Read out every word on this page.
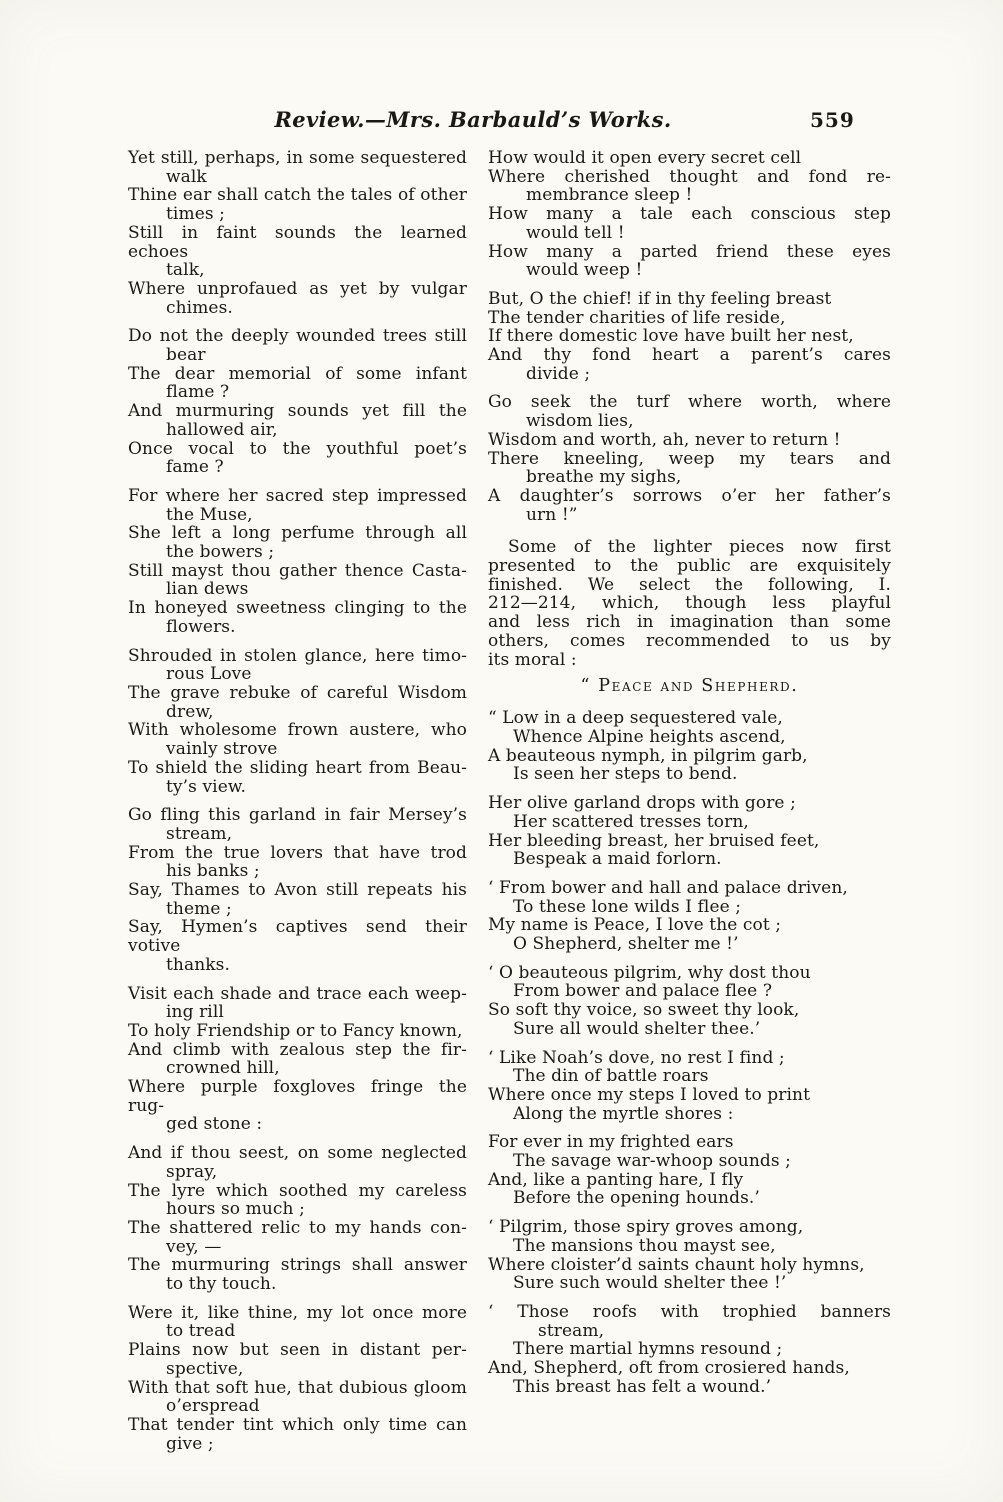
Review.—Mrs. Barbauld’s Works.	559
Yet still, perhaps, in some sequestered
walk
Thine ear shall catch the tales of other
times ;
Still in faint sounds the learned echoes
talk,
Where unprofaued as yet by vulgar
chimes.
Do not the deeply wounded trees still
bear
The dear memorial of some infant
flame ?
And murmuring sounds yet fill the
hallowed air,
Once vocal to the youthful poet’s
fame ?
For where her sacred step impressed
the Muse,
She left a long perfume through all
the bowers ;
Still mayst thou gather thence Casta-
lian dews
In honeyed sweetness clinging to the
flowers.
Shrouded in stolen glance, here timo-
rous Love
The grave rebuke of careful Wisdom
drew,
With wholesome frown austere, who
vainly strove
To shield the sliding heart from Beau-
ty’s view.
Go fling this garland in fair Mersey’s
stream,
From the true lovers that have trod
his banks ;
Say, Thames to Avon still repeats his
theme ;
Say, Hymen’s captives send their votive
thanks.
Visit each shade and trace each weep-
ing rill
To holy Friendship or to Fancy known,
And climb with zealous step the fir-
crowned hill,
Where purple foxgloves fringe the rug-
ged stone :
And if thou seest, on some neglected
spray,
The lyre which soothed my careless
hours so much ;
The shattered relic to my hands con-
vey, —
The murmuring strings shall answer
to thy touch.
Were it, like thine, my lot once more
to tread
Plains now but seen in distant per-
spective,
With that soft hue, that dubious gloom
o’erspread
That tender tint which only time can
give ;
How would it open every secret cell
Where cherished thought and fond re-
membrance sleep !
How many a tale each conscious step
would tell !
How many a parted friend these eyes
would weep !
But, O the chief! if in thy feeling breast
The tender charities of life reside,
If there domestic love have built her nest,
And thy fond heart a parent’s cares
divide ;
Go seek the turf where worth, where
wisdom lies,
Wisdom and worth, ah, never to return !
There kneeling, weep my tears and
breathe my sighs,
A daughter’s sorrows o’er her father’s
urn !”
Some of the lighter pieces now first
presented to the public are exquisitely
finished. We select the following, I.
212—214, which, though less playful
and less rich in imagination than some
others, comes recommended to us by
its moral :
“ Peace and Shepherd.
“ Low in a deep sequestered vale,
Whence Alpine heights ascend,
A beauteous nymph, in pilgrim garb,
Is seen her steps to bend.
Her olive garland drops with gore ;
Her scattered tresses torn,
Her bleeding breast, her bruised feet,
Bespeak a maid forlorn.
‘ From bower and hall and palace driven,
To these lone wilds I flee ;
My name is Peace, I love the cot ;
O Shepherd, shelter me !’
‘ O beauteous pilgrim, why dost thou
From bower and palace flee ?
So soft thy voice, so sweet thy look,
Sure all would shelter thee.’
‘ Like Noah’s dove, no rest I find ;
The din of battle roars
Where once my steps I loved to print
Along the myrtle shores :
For ever in my frighted ears
The savage war-whoop sounds ;
And, like a panting hare, I fly
Before the opening hounds.’
‘ Pilgrim, those spiry groves among,
The mansions thou mayst see,
Where cloister’d saints chaunt holy hymns,
Sure such would shelter thee !’
‘ Those roofs with trophied banners
stream,
There martial hymns resound ;
And, Shepherd, oft from crosiered hands,
This breast has felt a wound.’
